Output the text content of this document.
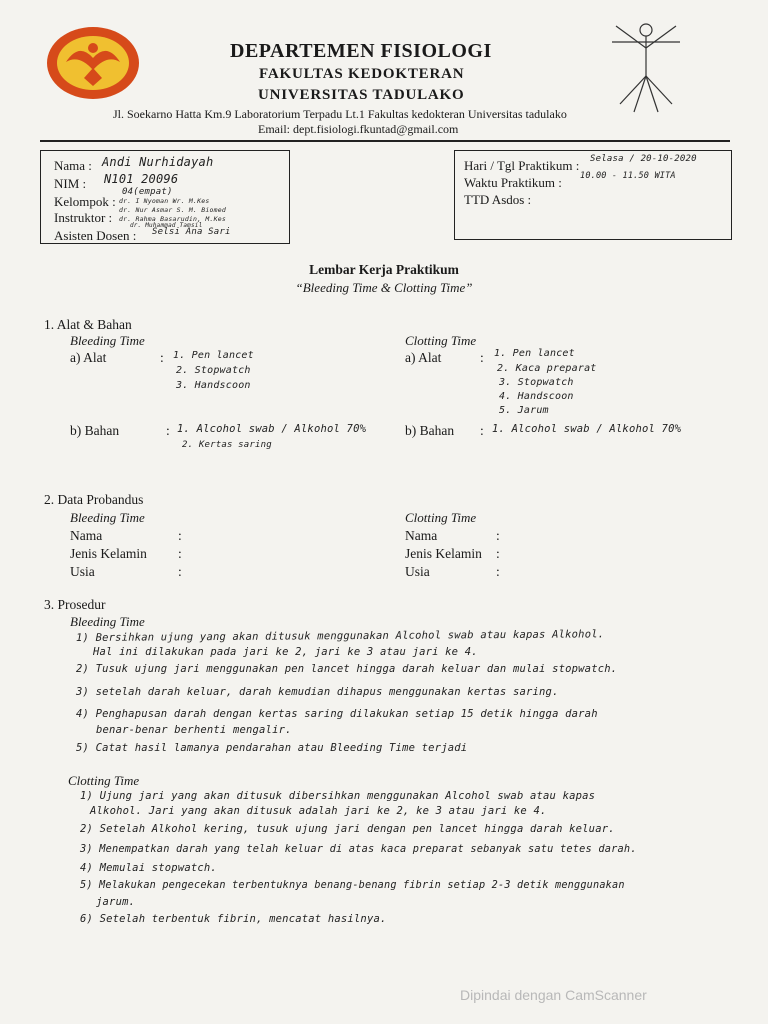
DEPARTEMEN FISIOLOGI
FAKULTAS KEDOKTERAN
UNIVERSITAS TADULAKO
Jl. Soekarno Hatta Km.9 Laboratorium Terpadu Lt.1 Fakultas kedokteran Universitas tadulako
Email: dept.fisiologi.fkuntad@gmail.com
Nama : Andi Nurhidayah
NIM : N101 20096
Kelompok :
04(empat)
Instruktor :
dr. I Nyoman Wr. M.Kes
dr. Nur Asmar S. M. Biomed
dr. Rahma Basarudin, M.Kes
dr. Muhammad Tamsil
Asisten Dosen : Selsi Ana Sari
Hari / Tgl Praktikum : Selasa / 20-10-2020
Waktu Praktikum : 10.00 - 11.50 WITA
TTD Asdos :
Lembar Kerja Praktikum
“Bleeding Time & Clotting Time”
1. Alat & Bahan
Bleeding Time	Clotting Time
a) Alat	: 1. Pen lancet
2. Stopwatch
3. Handscoon
a) Alat	: 1. Pen lancet
2. Kaca preparat
3. Stopwatch
4. Handscoon
5. Jarum
b) Bahan	: 1. Alcohol swab / Alkohol 70%
2. Kertas saring
b) Bahan : 1. Alcohol swab / Alkohol 70%
2. Data Probandus
Bleeding Time	Clotting Time
Nama	:
Jenis Kelamin :
Usia	:
Nama	:
Jenis Kelamin :
Usia	:
3. Prosedur
Bleeding Time
1) Bersihkan ujung yang akan ditusuk menggunakan Alcohol swab atau kapas Alkohol.
Hal ini dilakukan pada jari ke 2, jari ke 3 atau jari ke 4.
2) Tusuk ujung jari menggunakan pen lancet hingga darah keluar dan mulai stopwatch.
3) setelah darah keluar, darah kemudian dihapus menggunakan kertas saring.
4) Penghapusan darah dengan kertas saring dilakukan setiap 15 detik hingga darah
benar-benar berhenti mengalir.
5) Catat hasil lamanya pendarahan atau Bleeding Time terjadi
Clotting Time
1) Ujung jari yang akan ditusuk dibersihkan menggunakan Alcohol swab atau kapas
Alkohol. Jari yang akan ditusuk adalah jari ke 2, ke 3 atau jari ke 4.
2) Setelah Alkohol kering, tusuk ujung jari dengan pen lancet hingga darah keluar.
3) Menempatkan darah yang telah keluar di atas kaca preparat sebanyak satu tetes darah.
4) Memulai stopwatch.
5) Melakukan pengecekan terbentuknya benang-benang fibrin setiap 2-3 detik menggunakan
jarum.
6) Setelah terbentuk fibrin, mencatat hasilnya.
Dipindai dengan CamScanner
